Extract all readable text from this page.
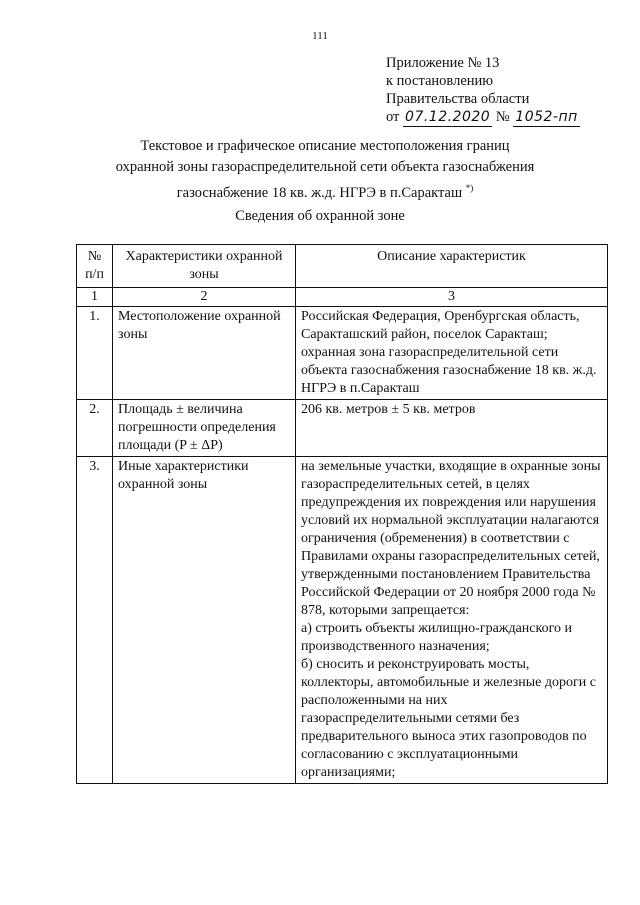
111
Приложение № 13
к постановлению
Правительства области
от 07.12.2020 № 1052-пп
Текстовое и графическое описание местоположения границ
охранной зоны газораспределительной сети объекта газоснабжения
газоснабжение 18 кв. ж.д. НГРЭ в п.Саракташ *)
Сведения об охранной зоне
№ п/п	Характеристики охранной зоны	Описание характеристик
1	2	3
1.	Местоположение охранной зоны	Российская Федерация, Оренбургская область, Саракташский район, поселок Саракташ; охранная зона газораспределительной сети объекта газоснабжения газоснабжение 18 кв. ж.д. НГРЭ в п.Саракташ
2.	Площадь ± величина погрешности определения площади (P ± ΔP)	206 кв. метров ± 5 кв. метров
3.	Иные характеристики охранной зоны	на земельные участки, входящие в охранные зоны газораспределительных сетей, в целях предупреждения их повреждения или нарушения условий их нормальной эксплуатации налагаются ограничения (обременения) в соответствии с Правилами охраны газораспределительных сетей, утвержденными постановлением Правительства Российской Федерации от 20 ноября 2000 года № 878, которыми запрещается:
а) строить объекты жилищно-гражданского и производственного назначения;
б) сносить и реконструировать мосты, коллекторы, автомобильные и железные дороги с расположенными на них газораспределительными сетями без предварительного выноса этих газопроводов по согласованию с эксплуатационными организациями;
